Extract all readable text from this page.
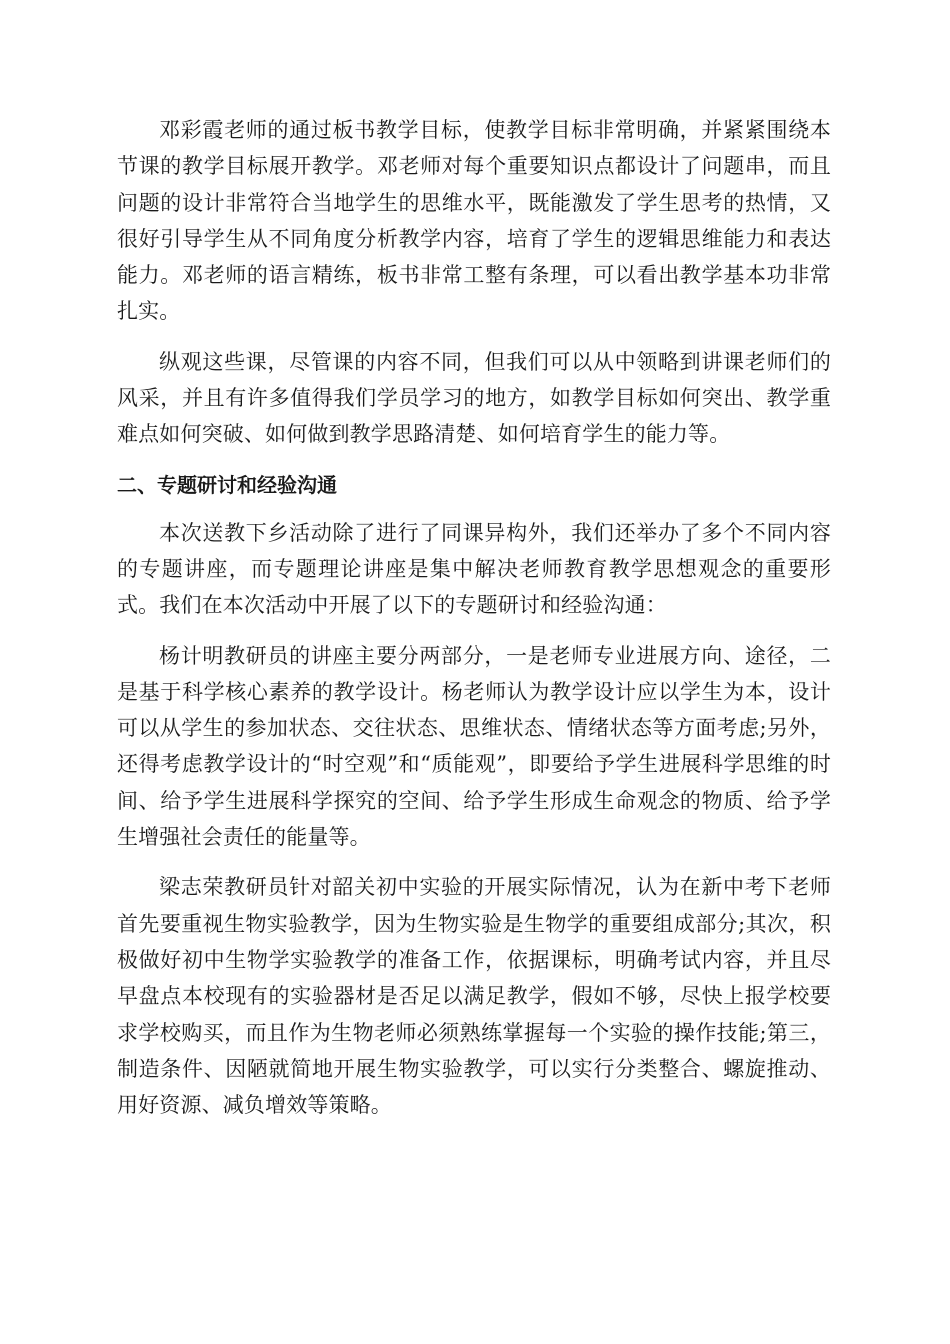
邓彩霞老师的通过板书教学目标，使教学目标非常明确，并紧紧围绕本节课的教学目标展开教学。邓老师对每个重要知识点都设计了问题串，而且问题的设计非常符合当地学生的思维水平，既能激发了学生思考的热情，又很好引导学生从不同角度分析教学内容，培育了学生的逻辑思维能力和表达能力。邓老师的语言精练，板书非常工整有条理，可以看出教学基本功非常扎实。

纵观这些课，尽管课的内容不同，但我们可以从中领略到讲课老师们的风采，并且有许多值得我们学员学习的地方，如教学目标如何突出、教学重难点如何突破、如何做到教学思路清楚、如何培育学生的能力等。

二、专题研讨和经验沟通

本次送教下乡活动除了进行了同课异构外，我们还举办了多个不同内容的专题讲座，而专题理论讲座是集中解决老师教育教学思想观念的重要形式。我们在本次活动中开展了以下的专题研讨和经验沟通：

杨计明教研员的讲座主要分两部分，一是老师专业进展方向、途径，二是基于科学核心素养的教学设计。杨老师认为教学设计应以学生为本，设计可以从学生的参加状态、交往状态、思维状态、情绪状态等方面考虑;另外，还得考虑教学设计的“时空观”和“质能观”，即要给予学生进展科学思维的时间、给予学生进展科学探究的空间、给予学生形成生命观念的物质、给予学生增强社会责任的能量等。

梁志荣教研员针对韶关初中实验的开展实际情况，认为在新中考下老师首先要重视生物实验教学，因为生物实验是生物学的重要组成部分;其次，积极做好初中生物学实验教学的准备工作，依据课标，明确考试内容，并且尽早盘点本校现有的实验器材是否足以满足教学，假如不够，尽快上报学校要求学校购买，而且作为生物老师必须熟练掌握每一个实验的操作技能;第三，制造条件、因陋就简地开展生物实验教学，可以实行分类整合、螺旋推动、用好资源、减负增效等策略。
